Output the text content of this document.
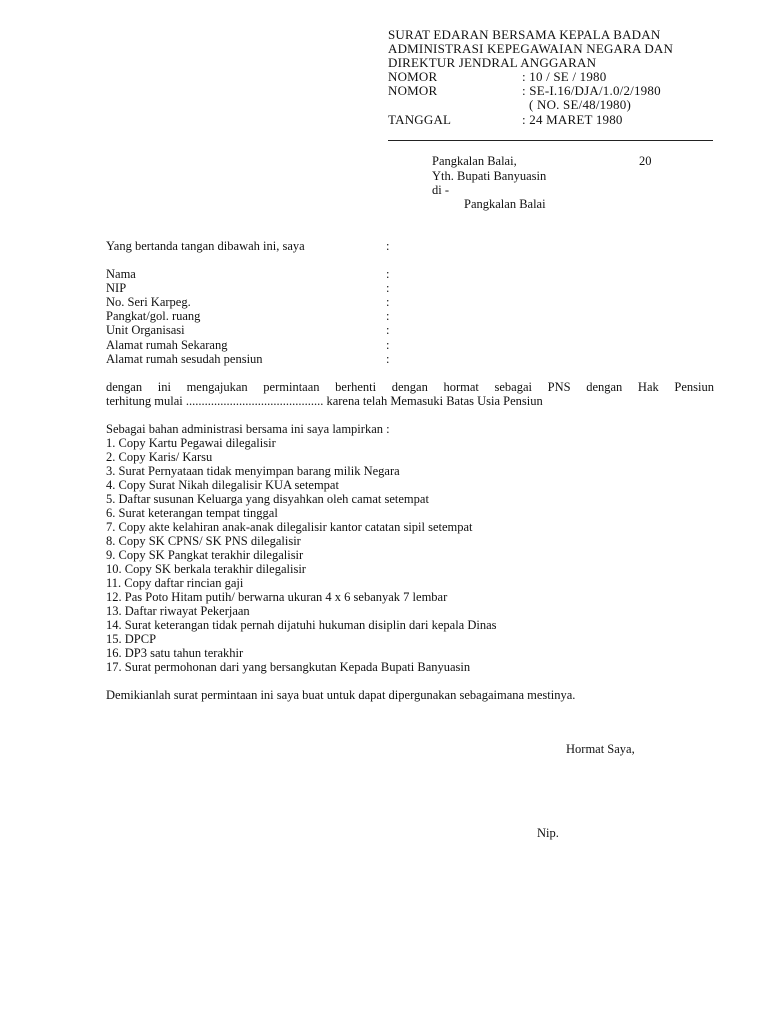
SURAT EDARAN BERSAMA KEPALA BADAN
ADMINISTRASI KEPEGAWAIAN NEGARA DAN
DIREKTUR JENDRAL ANGGARAN
NOMOR	: 10 / SE / 1980
NOMOR	: SE-I.16/DJA/1.0/2/1980
( NO. SE/48/1980)
TANGGAL	: 24 MARET 1980
Pangkalan Balai,	20
Yth. Bupati Banyuasin
di -
Pangkalan Balai
Yang bertanda tangan dibawah ini, saya	:
Nama	:
NIP	:
No. Seri Karpeg.	:
Pangkat/gol. ruang	:
Unit Organisasi	:
Alamat rumah Sekarang	:
Alamat rumah sesudah pensiun	:
dengan ini mengajukan permintaan berhenti dengan hormat sebagai PNS dengan Hak Pensiun
terhitung mulai ............................................ karena telah Memasuki Batas Usia Pensiun
Sebagai bahan administrasi bersama ini saya lampirkan :
1. Copy Kartu Pegawai dilegalisir
2. Copy Karis/ Karsu
3. Surat Pernyataan tidak menyimpan barang milik Negara
4. Copy Surat Nikah dilegalisir KUA setempat
5. Daftar susunan Keluarga yang disyahkan oleh camat setempat
6. Surat keterangan tempat tinggal
7. Copy akte kelahiran anak-anak dilegalisir kantor catatan sipil setempat
8. Copy SK CPNS/ SK PNS dilegalisir
9. Copy SK Pangkat terakhir dilegalisir
10. Copy SK berkala terakhir dilegalisir
11. Copy daftar rincian gaji
12. Pas Poto Hitam putih/ berwarna ukuran 4 x 6 sebanyak 7 lembar
13. Daftar riwayat Pekerjaan
14. Surat keterangan tidak pernah dijatuhi hukuman disiplin dari kepala Dinas
15. DPCP
16. DP3 satu tahun terakhir
17. Surat permohonan dari yang bersangkutan Kepada Bupati Banyuasin
Demikianlah surat permintaan ini saya buat untuk dapat dipergunakan sebagaimana mestinya.
Hormat Saya,
Nip.
